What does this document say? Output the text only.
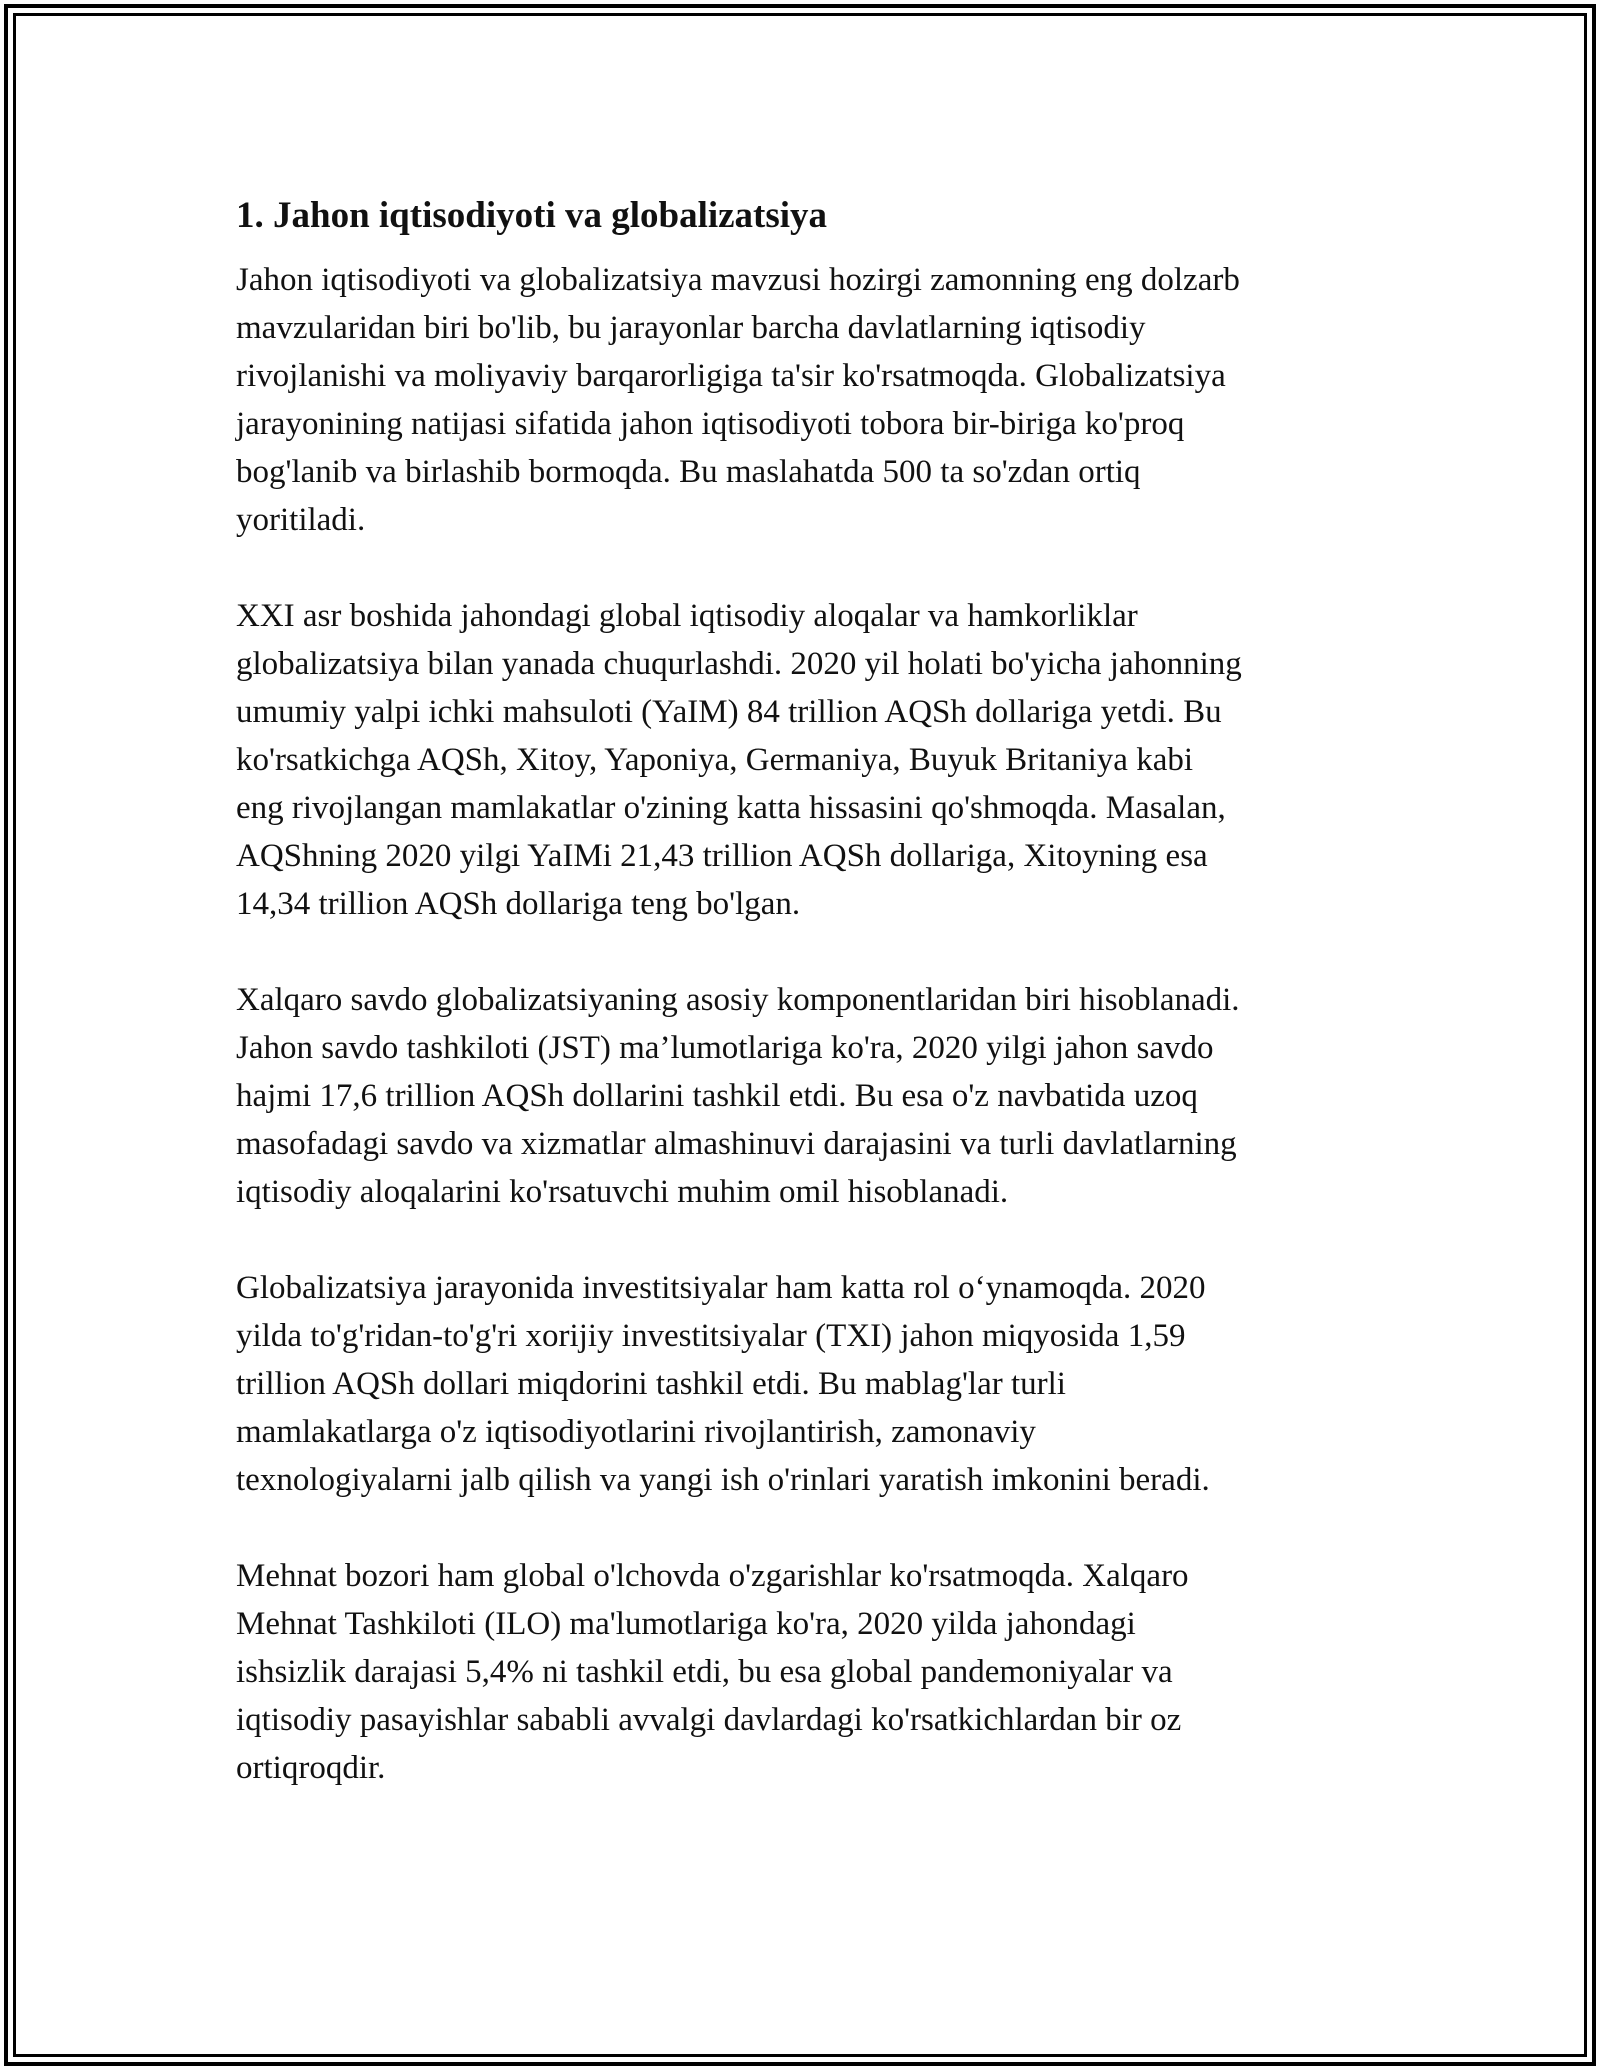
1. Jahon iqtisodiyoti va globalizatsiya

Jahon iqtisodiyoti va globalizatsiya mavzusi hozirgi zamonning eng dolzarb
mavzularidan biri bo'lib, bu jarayonlar barcha davlatlarning iqtisodiy
rivojlanishi va moliyaviy barqarorligiga ta'sir ko'rsatmoqda. Globalizatsiya
jarayonining natijasi sifatida jahon iqtisodiyoti tobora bir-biriga ko'proq
bog'lanib va birlashib bormoqda. Bu maslahatda 500 ta so'zdan ortiq
yoritiladi.

XXI asr boshida jahondagi global iqtisodiy aloqalar va hamkorliklar
globalizatsiya bilan yanada chuqurlashdi. 2020 yil holati bo'yicha jahonning
umumiy yalpi ichki mahsuloti (YaIM) 84 trillion AQSh dollariga yetdi. Bu
ko'rsatkichga AQSh, Xitoy, Yaponiya, Germaniya, Buyuk Britaniya kabi
eng rivojlangan mamlakatlar o'zining katta hissasini qo'shmoqda. Masalan,
AQShning 2020 yilgi YaIMi 21,43 trillion AQSh dollariga, Xitoyning esa
14,34 trillion AQSh dollariga teng bo'lgan.

Xalqaro savdo globalizatsiyaning asosiy komponentlaridan biri hisoblanadi.
Jahon savdo tashkiloti (JST) ma’lumotlariga ko'ra, 2020 yilgi jahon savdo
hajmi 17,6 trillion AQSh dollarini tashkil etdi. Bu esa o'z navbatida uzoq
masofadagi savdo va xizmatlar almashinuvi darajasini va turli davlatlarning
iqtisodiy aloqalarini ko'rsatuvchi muhim omil hisoblanadi.

Globalizatsiya jarayonida investitsiyalar ham katta rol o‘ynamoqda. 2020
yilda to'g'ridan-to'g'ri xorijiy investitsiyalar (TXI) jahon miqyosida 1,59
trillion AQSh dollari miqdorini tashkil etdi. Bu mablag'lar turli
mamlakatlarga o'z iqtisodiyotlarini rivojlantirish, zamonaviy
texnologiyalarni jalb qilish va yangi ish o'rinlari yaratish imkonini beradi.

Mehnat bozori ham global o'lchovda o'zgarishlar ko'rsatmoqda. Xalqaro
Mehnat Tashkiloti (ILO) ma'lumotlariga ko'ra, 2020 yilda jahondagi
ishsizlik darajasi 5,4% ni tashkil etdi, bu esa global pandemoniyalar va
iqtisodiy pasayishlar sababli avvalgi davlardagi ko'rsatkichlardan bir oz
ortiqroqdir.
